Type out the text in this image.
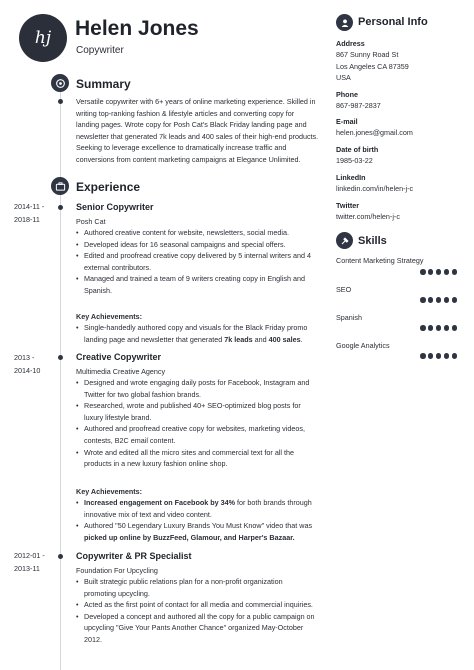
hj Helen Jones
Copywriter
Summary
Versatile copywriter with 6+ years of online marketing experience. Skilled in writing top-ranking fashion & lifestyle articles and converting copy for landing pages. Wrote copy for Posh Cat's Black Friday landing page and newsletter that generated 7k leads and 400 sales of their high-end products. Seeking to leverage excellence to dramatically increase traffic and conversions from content marketing campaigns at Elegance Unlimited.
Experience
2014-11 -
2018-11
Senior Copywriter
Posh Cat
• Authored creative content for website, newsletters, social media.
• Developed ideas for 16 seasonal campaigns and special offers.
• Edited and proofread creative copy delivered by 5 internal writers and 4 external contributors.
• Managed and trained a team of 9 writers creating copy in English and Spanish.
Key Achievements:
• Single-handedly authored copy and visuals for the Black Friday promo landing page and newsletter that generated 7k leads and 400 sales.
2013 -
2014-10
Creative Copywriter
Multimedia Creative Agency
• Designed and wrote engaging daily posts for Facebook, Instagram and Twitter for two global fashion brands.
• Researched, wrote and published 40+ SEO-optimized blog posts for luxury lifestyle brand.
• Authored and proofread creative copy for websites, marketing videos, contests, B2C email content.
• Wrote and edited all the micro sites and commercial text for all the products in a new luxury fashion online shop.
Key Achievements:
• Increased engagement on Facebook by 34% for both brands through innovative mix of text and video content.
• Authored "50 Legendary Luxury Brands You Must Know" video that was picked up online by BuzzFeed, Glamour, and Harper's Bazaar.
2012-01 -
2013-11
Copywriter & PR Specialist
Foundation For Upcycling
• Built strategic public relations plan for a non-profit organization promoting upcycling.
• Acted as the first point of contact for all media and commercial inquiries.
• Developed a concept and authored all the copy for a public campaign on upcycling "Give Your Pants Another Chance" organized May-October 2012.
Personal Info
Address
867 Sunny Road St
Los Angeles CA 87359
USA
Phone
867-987-2837
E-mail
helen.jones@gmail.com
Date of birth
1985-03-22
LinkedIn
linkedin.com/in/helen-j-c
Twitter
twitter.com/helen-j-c
Skills
Content Marketing Strategy
SEO
Spanish
Google Analytics
